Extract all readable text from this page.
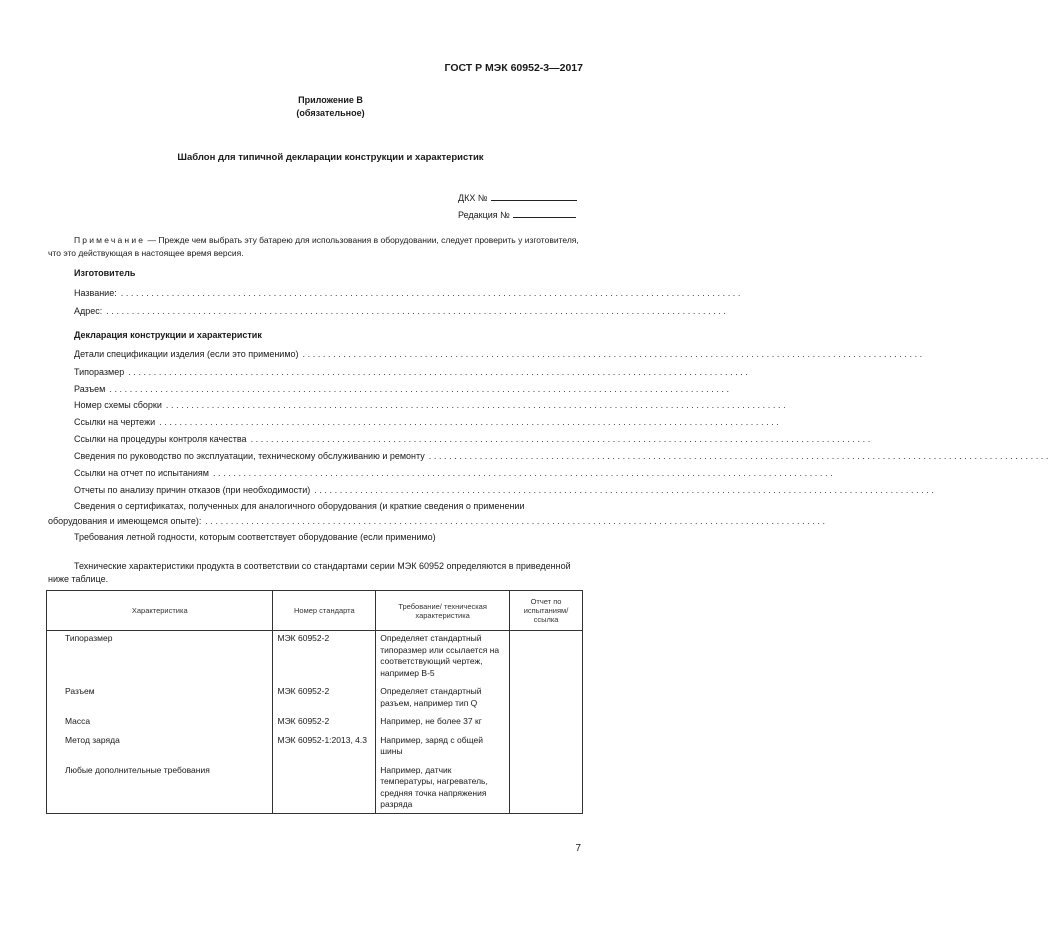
ГОСТ Р МЭК 60952-3—2017
Приложение В
(обязательное)
Шаблон для типичной декларации конструкции и характеристик
ДКХ №
Редакция №
Примечание — Прежде чем выбрать эту батарею для использования в оборудовании, следует проверить у изготовителя, что это действующая в настоящее время версия.
Изготовитель
Название: ..........................................................................................................................
Адрес: ..........................................................................................................................
Декларация конструкции и характеристик
Детали спецификации изделия (если это применимо) ..........................................................................................................................
Типоразмер ..........................................................................................................................
Разъем ..........................................................................................................................
Номер схемы сборки ..........................................................................................................................
Ссылки на чертежи ..........................................................................................................................
Ссылки на процедуры контроля качества ..........................................................................................................................
Сведения по руководство по эксплуатации, техническому обслуживанию и ремонту ..........................................................................................................................
Ссылки на отчет по испытаниям ..........................................................................................................................
Отчеты по анализу причин отказов (при необходимости) ..........................................................................................................................
Сведения о сертификатах, полученных для аналогичного оборудования (и краткие сведения о применении
оборудования и имеющемся опыте): ..........................................................................................................................
Требования летной годности, которым соответствует оборудование (если применимо)
Технические характеристики продукта в соответствии со стандартами серии МЭК 60952 определяются в приведенной ниже таблице.
Характеристика	Номер стандарта	Требование/ техническая характеристика	Отчет по испытаниям/ ссылка

Типоразмер	МЭК 60952-2	Определяет стандартный типоразмер или ссылается на соответствующий чертеж, например В-5	

Разъем	МЭК 60952-2	Определяет стандартный разъем, например тип Q	

Масса	МЭК 60952-2	Например, не более 37 кг	

Метод заряда	МЭК 60952-1:2013, 4.3	Например, заряд с общей шины	

Любые дополнительные требования		Например, датчик температуры, нагреватель, средняя точка напряжения разряда	

7
